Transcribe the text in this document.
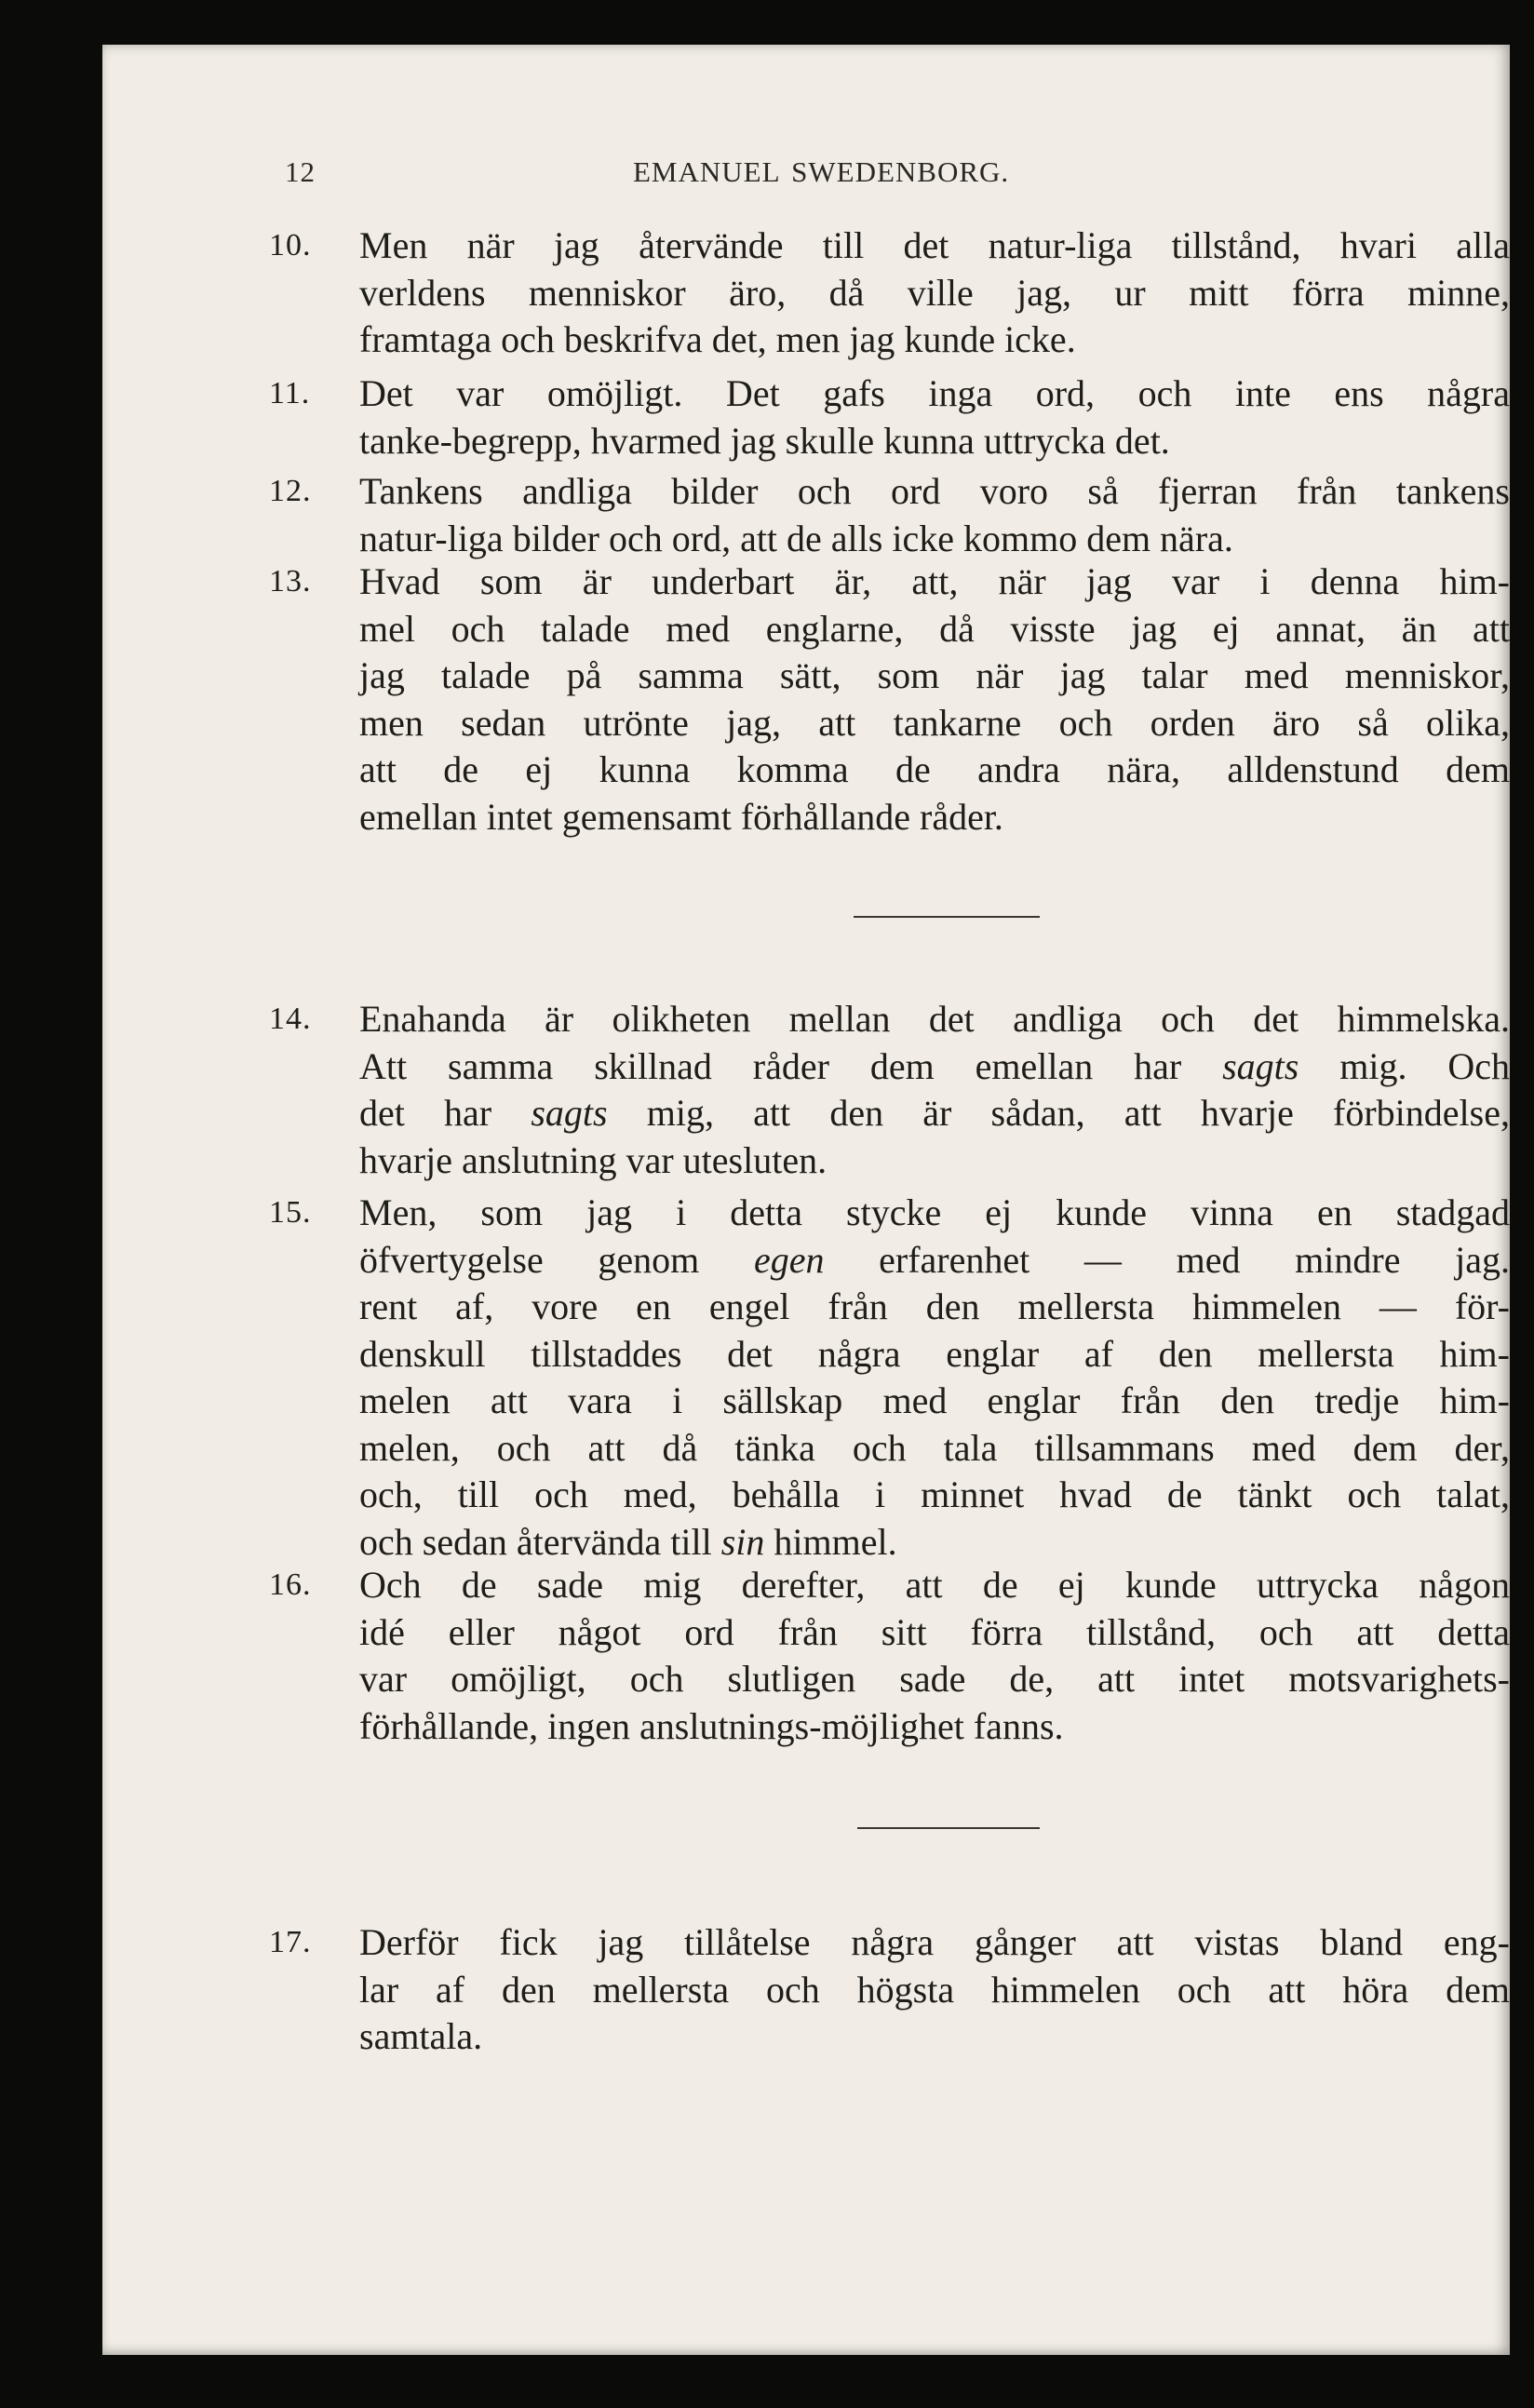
12	EMANUEL SWEDENBORG.
10.	Men när jag återvände till det natur-liga tillstånd, hvari alla
verldens menniskor äro, då ville jag, ur mitt förra minne,
framtaga och beskrifva det, men jag kunde icke.
11.	Det var omöjligt. Det gafs inga ord, och inte ens några
tanke-begrepp, hvarmed jag skulle kunna uttrycka det.
12.	Tankens andliga bilder och ord voro så fjerran från tankens
natur-liga bilder och ord, att de alls icke kommo dem nära.
13.	Hvad som är underbart är, att, när jag var i denna him-
mel och talade med englarne, då visste jag ej annat, än att
jag talade på samma sätt, som när jag talar med menniskor,
men sedan utrönte jag, att tankarne och orden äro så olika,
att de ej kunna komma de andra nära, alldenstund dem
emellan intet gemensamt förhållande råder.
14.	Enahanda är olikheten mellan det andliga och det himmelska.
Att samma skillnad råder dem emellan har sagts mig. Och
det har sagts mig, att den är sådan, att hvarje förbindelse,
hvarje anslutning var utesluten.
15.	Men, som jag i detta stycke ej kunde vinna en stadgad
öfvertygelse genom egen erfarenhet — med mindre jag.
rent af, vore en engel från den mellersta himmelen — för-
denskull tillstaddes det några englar af den mellersta him-
melen att vara i sällskap med englar från den tredje him-
melen, och att då tänka och tala tillsammans med dem der,
och, till och med, behålla i minnet hvad de tänkt och talat,
och sedan återvända till sin himmel.
16.	Och de sade mig derefter, att de ej kunde uttrycka någon
idé eller något ord från sitt förra tillstånd, och att detta
var omöjligt, och slutligen sade de, att intet motsvarighets-
förhållande, ingen anslutnings-möjlighet fanns.
17.	Derför fick jag tillåtelse några gånger att vistas bland eng-
lar af den mellersta och högsta himmelen och att höra dem
samtala.
